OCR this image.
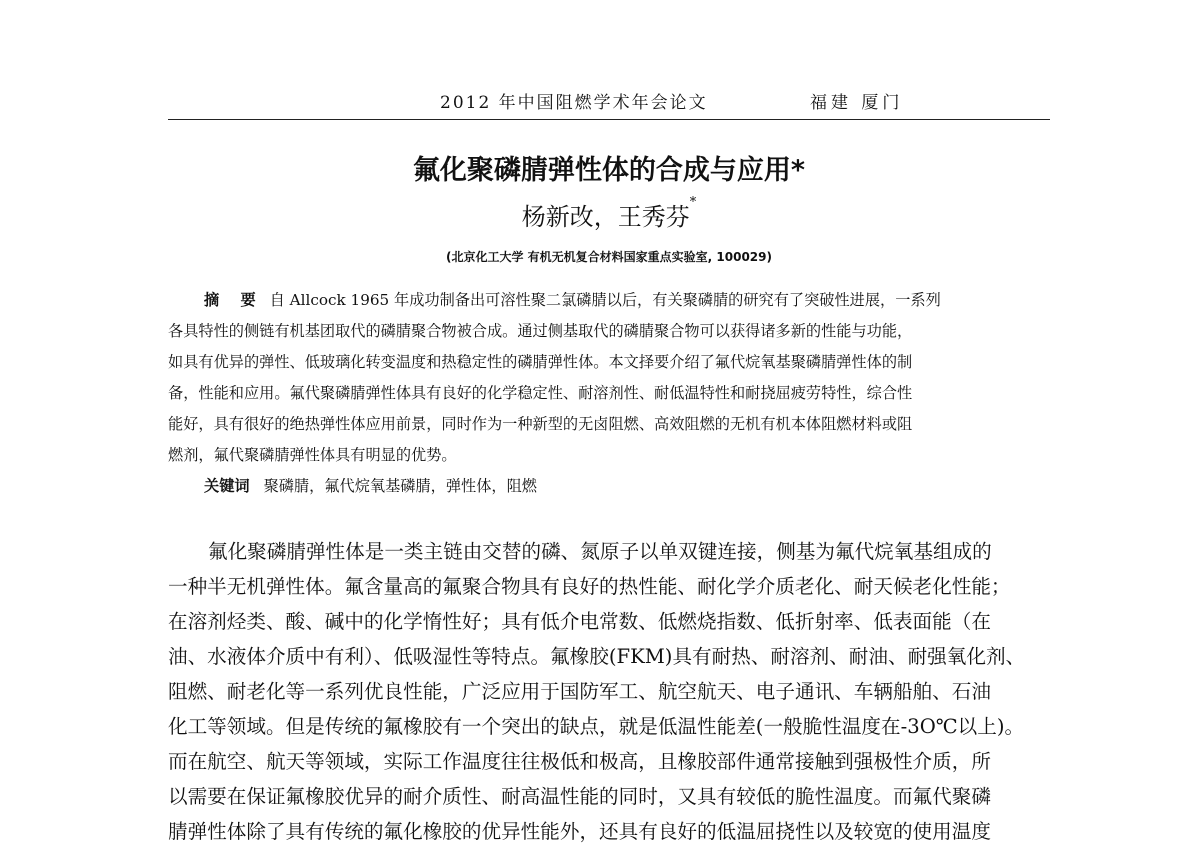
2012 年中国阻燃学术年会论文	福建 厦门
氟化聚磷腈弹性体的合成与应用*
杨新改，王秀芬*
(北京化工大学 有机无机复合材料国家重点实验室, 100029)
摘 要 自 Allcock 1965 年成功制备出可溶性聚二氯磷腈以后，有关聚磷腈的研究有了突破性进展，一系列
各具特性的侧链有机基团取代的磷腈聚合物被合成。通过侧基取代的磷腈聚合物可以获得诸多新的性能与功能，
如具有优异的弹性、低玻璃化转变温度和热稳定性的磷腈弹性体。本文择要介绍了氟代烷氧基聚磷腈弹性体的制
备，性能和应用。氟代聚磷腈弹性体具有良好的化学稳定性、耐溶剂性、耐低温特性和耐挠屈疲劳特性，综合性
能好，具有很好的绝热弹性体应用前景，同时作为一种新型的无卤阻燃、高效阻燃的无机有机本体阻燃材料或阻
燃剂，氟代聚磷腈弹性体具有明显的优势。
关键词 聚磷腈，氟代烷氧基磷腈，弹性体，阻燃
氟化聚磷腈弹性体是一类主链由交替的磷、氮原子以单双键连接，侧基为氟代烷氧基组成的
一种半无机弹性体。氟含量高的氟聚合物具有良好的热性能、耐化学介质老化、耐天候老化性能；
在溶剂烃类、酸、碱中的化学惰性好；具有低介电常数、低燃烧指数、低折射率、低表面能（在
油、水液体介质中有利）、低吸湿性等特点。氟橡胶(FKM)具有耐热、耐溶剂、耐油、耐强氧化剂、
阻燃、耐老化等一系列优良性能，广泛应用于国防军工、航空航天、电子通讯、车辆船舶、石油
化工等领域。但是传统的氟橡胶有一个突出的缺点，就是低温性能差(一般脆性温度在-3O℃以上)。
而在航空、航天等领域，实际工作温度往往极低和极高，且橡胶部件通常接触到强极性介质，所
以需要在保证氟橡胶优异的耐介质性、耐高温性能的同时，又具有较低的脆性温度。而氟代聚磷
腈弹性体除了具有传统的氟化橡胶的优异性能外，还具有良好的低温屈挠性以及较宽的使用温度
